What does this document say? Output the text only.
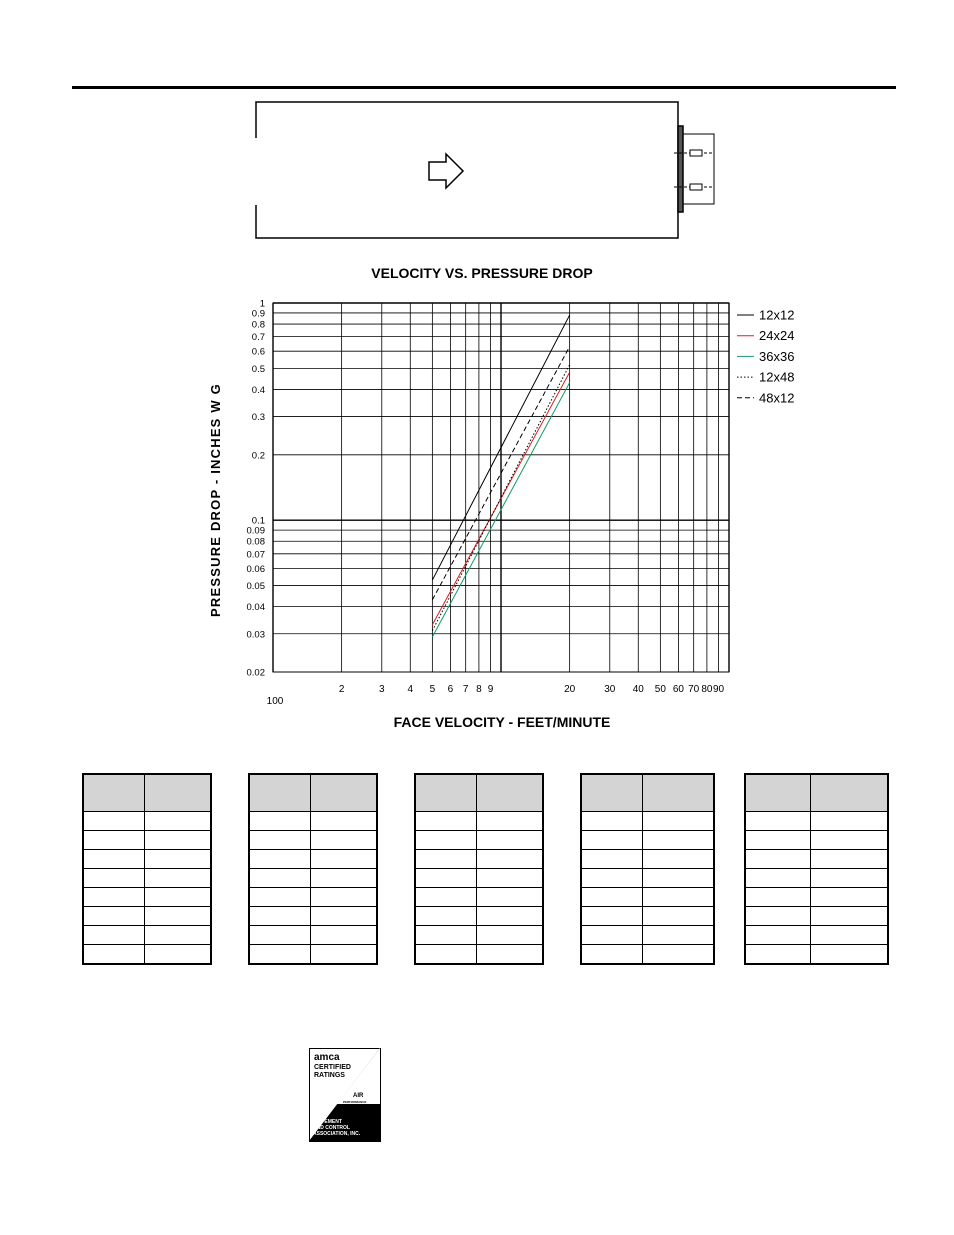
VELOCITY VS. PRESSURE DROP
100
2	3 4 5 6 7 8 9	20	30 40 50 60 70 80 90
1
0.9
0.8
0.7
0.6
0.5
0.4
0.3
0.2
0.1
0.09
0.08
0.07
0.06
0.05
0.04
0.03
0.02
12x12
24x24
36x36
12x48
48x12
PRESSURE DROP - INCHES W G
FACE VELOCITY - FEET/MINUTE

amca
CERTIFIED
RATINGS
AIR
PERFORMANCE
AIR
MOVEMENT
AND CONTROL
ASSOCIATION, INC.
